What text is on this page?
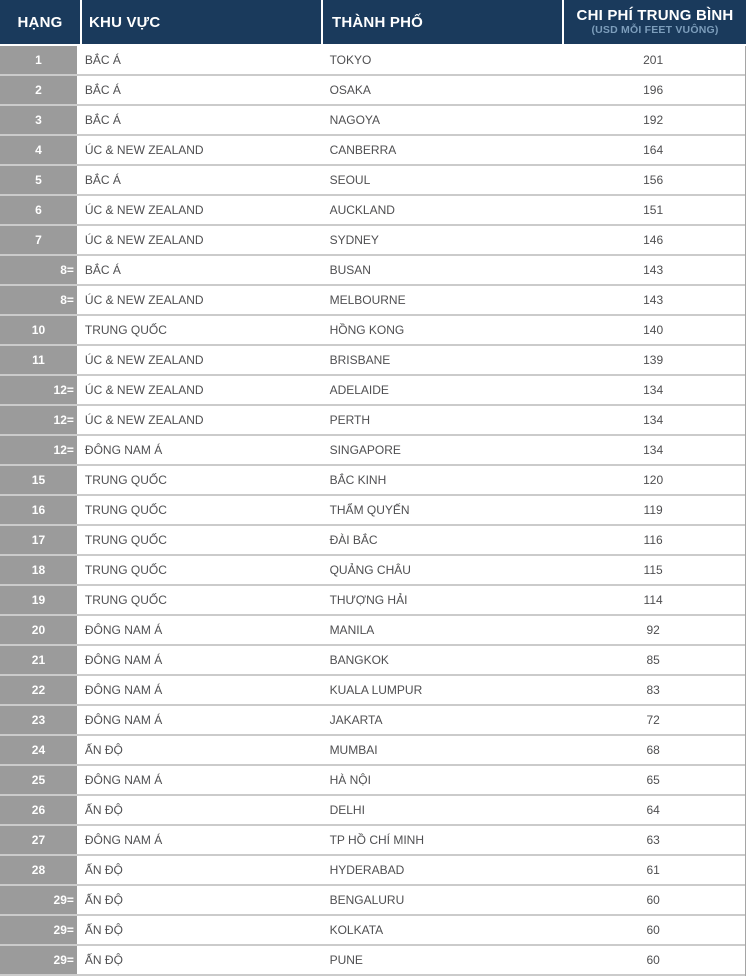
HẠNG	KHU VỰC	THÀNH PHỐ	CHI PHÍ TRUNG BÌNH
(USD MỖI FEET VUÔNG)
1	BẮC Á	TOKYO	201
2	BẮC Á	OSAKA	196
3	BẮC Á	NAGOYA	192
4	ÚC & NEW ZEALAND	CANBERRA	164
5	BẮC Á	SEOUL	156
6	ÚC & NEW ZEALAND	AUCKLAND	151
7	ÚC & NEW ZEALAND	SYDNEY	146
8= BẮC Á	BUSAN	143
8= ÚC & NEW ZEALAND	MELBOURNE	143
10	TRUNG QUỐC	HỒNG KONG	140
11	ÚC & NEW ZEALAND	BRISBANE	139
12= ÚC & NEW ZEALAND	ADELAIDE	134
12= ÚC & NEW ZEALAND	PERTH	134
12= ĐÔNG NAM Á	SINGAPORE	134
15	TRUNG QUỐC	BẮC KINH	120
16	TRUNG QUỐC	THẨM QUYẾN	119
17	TRUNG QUỐC	ĐÀI BẮC	116
18	TRUNG QUỐC	QUẢNG CHÂU	115
19	TRUNG QUỐC	THƯỢNG HẢI	114
20	ĐÔNG NAM Á	MANILA	92
21	ĐÔNG NAM Á	BANGKOK	85
22	ĐÔNG NAM Á	KUALA LUMPUR	83
23	ĐÔNG NAM Á	JAKARTA	72
24	ẤN ĐỘ	MUMBAI	68
25	ĐÔNG NAM Á	HÀ NỘI	65
26	ẤN ĐỘ	DELHI	64
27	ĐÔNG NAM Á	TP HỒ CHÍ MINH	63
28	ẤN ĐỘ	HYDERABAD	61
29= ẤN ĐỘ	BENGALURU	60
29= ẤN ĐỘ	KOLKATA	60
29= ẤN ĐỘ	PUNE	60
